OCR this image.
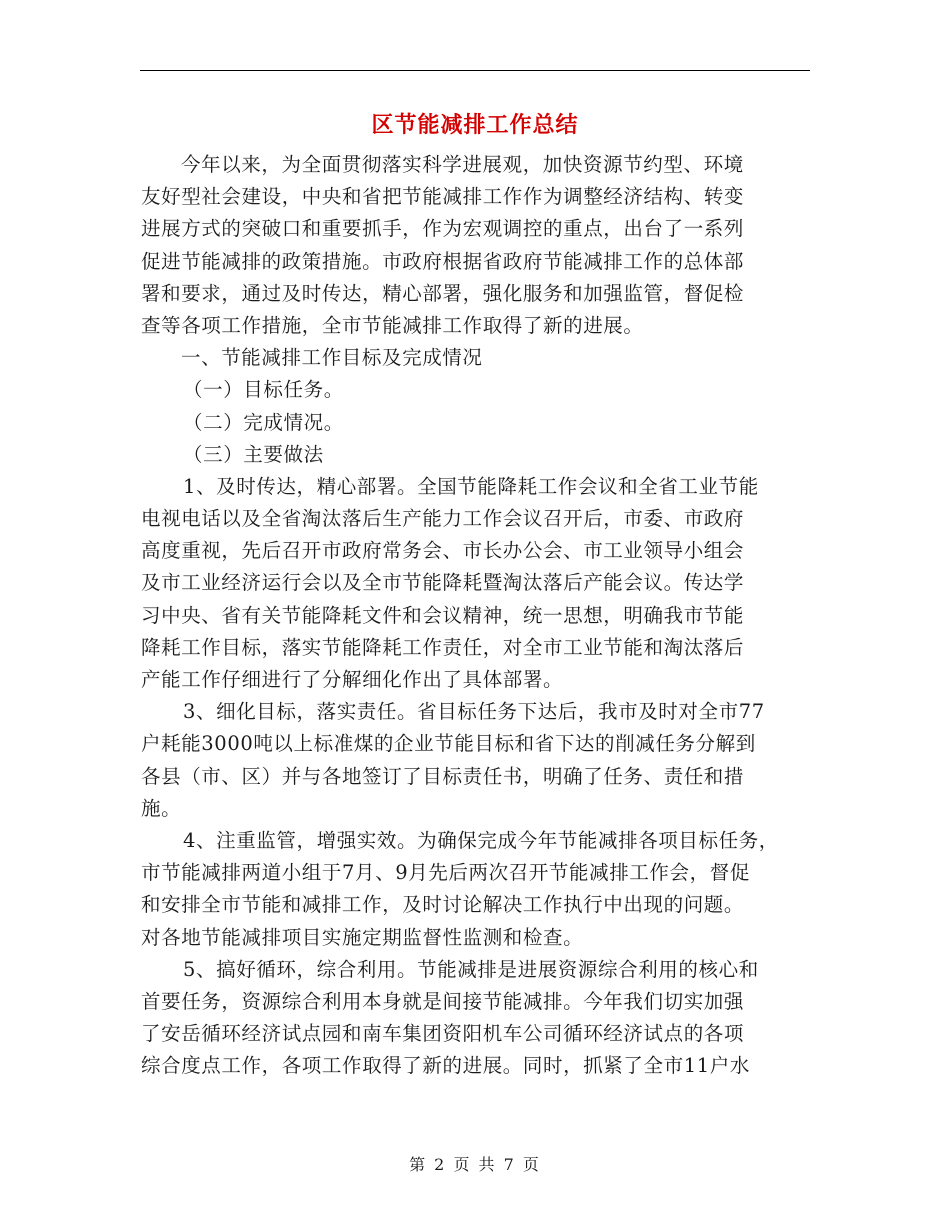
区节能减排工作总结
今年以来，为全面贯彻落实科学进展观，加快资源节约型、环境
友好型社会建设，中央和省把节能减排工作作为调整经济结构、转变
进展方式的突破口和重要抓手，作为宏观调控的重点，出台了一系列
促进节能减排的政策措施。市政府根据省政府节能减排工作的总体部
署和要求，通过及时传达，精心部署，强化服务和加强监管，督促检
查等各项工作措施，全市节能减排工作取得了新的进展。
一、节能减排工作目标及完成情况
（一）目标任务。
（二）完成情况。
（三）主要做法
1、及时传达，精心部署。全国节能降耗工作会议和全省工业节能
电视电话以及全省淘汰落后生产能力工作会议召开后，市委、市政府
高度重视，先后召开市政府常务会、市长办公会、市工业领导小组会
及市工业经济运行会以及全市节能降耗暨淘汰落后产能会议。传达学
习中央、省有关节能降耗文件和会议精神，统一思想，明确我市节能
降耗工作目标，落实节能降耗工作责任，对全市工业节能和淘汰落后
产能工作仔细进行了分解细化作出了具体部署。
3、细化目标，落实责任。省目标任务下达后，我市及时对全市77
户耗能3000吨以上标准煤的企业节能目标和省下达的削减任务分解到
各县（市、区）并与各地签订了目标责任书，明确了任务、责任和措
施。
4、注重监管，增强实效。为确保完成今年节能减排各项目标任务，
市节能减排两道小组于7月、9月先后两次召开节能减排工作会，督促
和安排全市节能和减排工作，及时讨论解决工作执行中出现的问题。
对各地节能减排项目实施定期监督性监测和检查。
5、搞好循环，综合利用。节能减排是进展资源综合利用的核心和
首要任务，资源综合利用本身就是间接节能减排。今年我们切实加强
了安岳循环经济试点园和南车集团资阳机车公司循环经济试点的各项
综合度点工作，各项工作取得了新的进展。同时，抓紧了全市11户水
第 2 页 共 7 页
